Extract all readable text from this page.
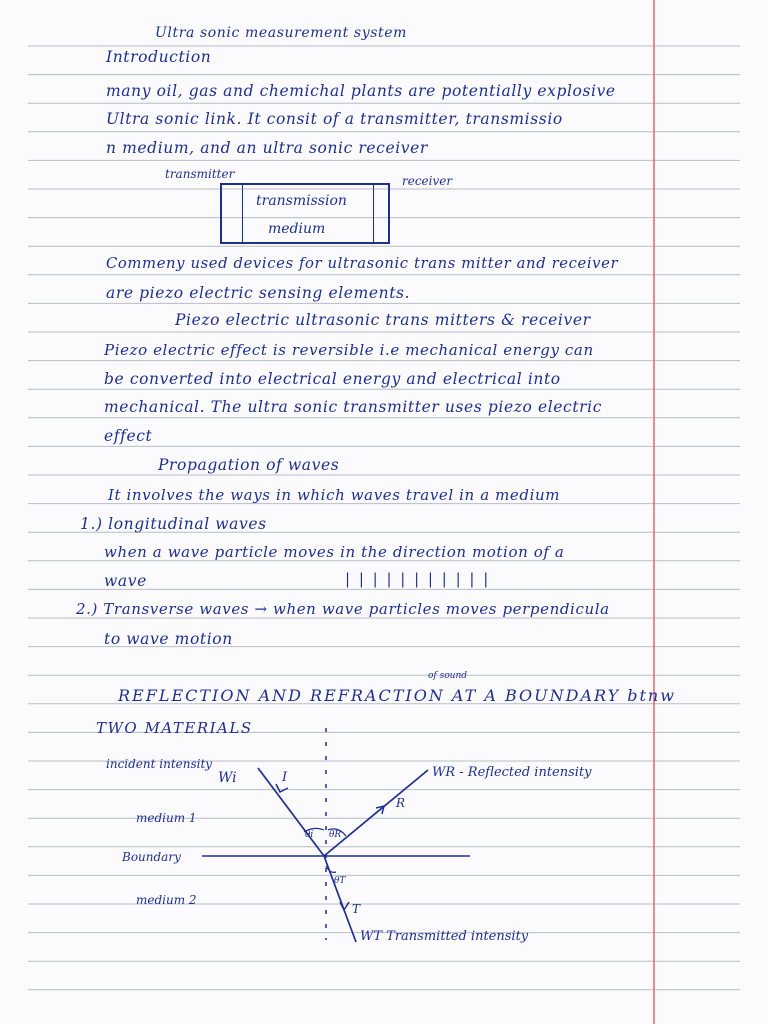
Ultra sonic measurement system
Introduction
many oil, gas and chemichal plants are potentially explosive
Ultra sonic link. It consit of a transmitter, transmissio
n medium, and an ultra sonic receiver
transmitter	receiver
transmission
medium
Commeny used devices for ultrasonic trans mitter and receiver
are piezo electric sensing elements.
Piezo electric ultrasonic trans mitters & receiver
Piezo electric effect is reversible i.e mechanical energy can
be converted into electrical energy and electrical into
mechanical. The ultra sonic transmitter uses piezo electric
effect
Propagation of waves
It involves the ways in which waves travel in a medium
1.) longitudinal waves
when a wave particle moves in the direction motion of a
wave	| | | | | | | | | | |
2.) Transverse waves → when wave particles moves perpendicula
to wave motion
of sound
REFLECTION AND REFRACTION AT A BOUNDARY btnw
TWO MATERIALS
incident intensity
Wi	I	WR - Reflected intensity
R
θi θR
medium 1
Boundary
θT
medium 2
T
WT Transmitted intensity
